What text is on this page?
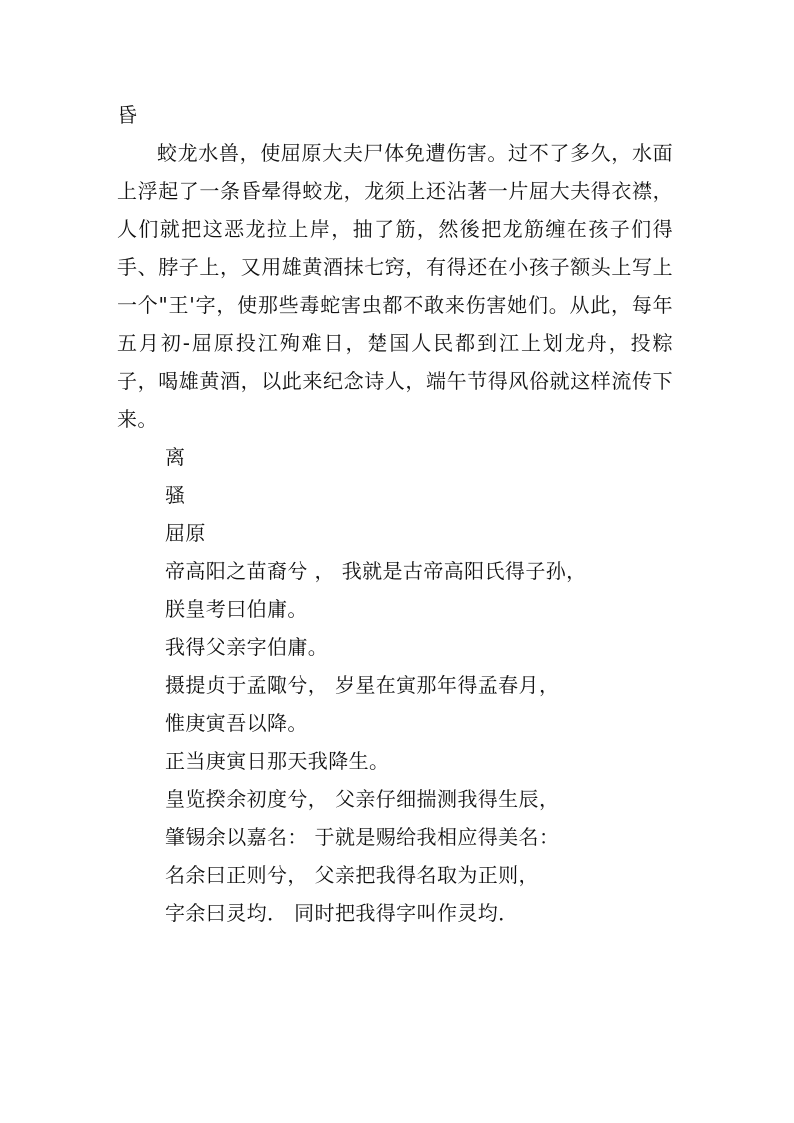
昏

蛟龙水兽，使屈原大夫尸体免遭伤害。过不了多久，水面上浮起了一条昏晕得蛟龙，龙须上还沾著一片屈大夫得衣襟，人们就把这恶龙拉上岸，抽了筋，然後把龙筋缠在孩子们得手、脖子上，又用雄黄酒抹七窍，有得还在小孩子额头上写上一个"王'字，使那些毒蛇害虫都不敢来伤害她们。从此，每年五月初-屈原投江殉难日，楚国人民都到江上划龙舟，投粽子，喝雄黄酒，以此来纪念诗人，端午节得风俗就这样流传下来。

离

骚

屈原

帝高阳之苗裔兮 ， 我就是古帝高阳氏得子孙，

朕皇考曰伯庸。

我得父亲字伯庸。

摄提贞于孟陬兮， 岁星在寅那年得孟春月，

惟庚寅吾以降。

正当庚寅日那天我降生。

皇览揆余初度兮， 父亲仔细揣测我得生辰，

肇锡余以嘉名： 于就是赐给我相应得美名：

名余曰正则兮， 父亲把我得名取为正则，

字余曰灵均． 同时把我得字叫作灵均．
